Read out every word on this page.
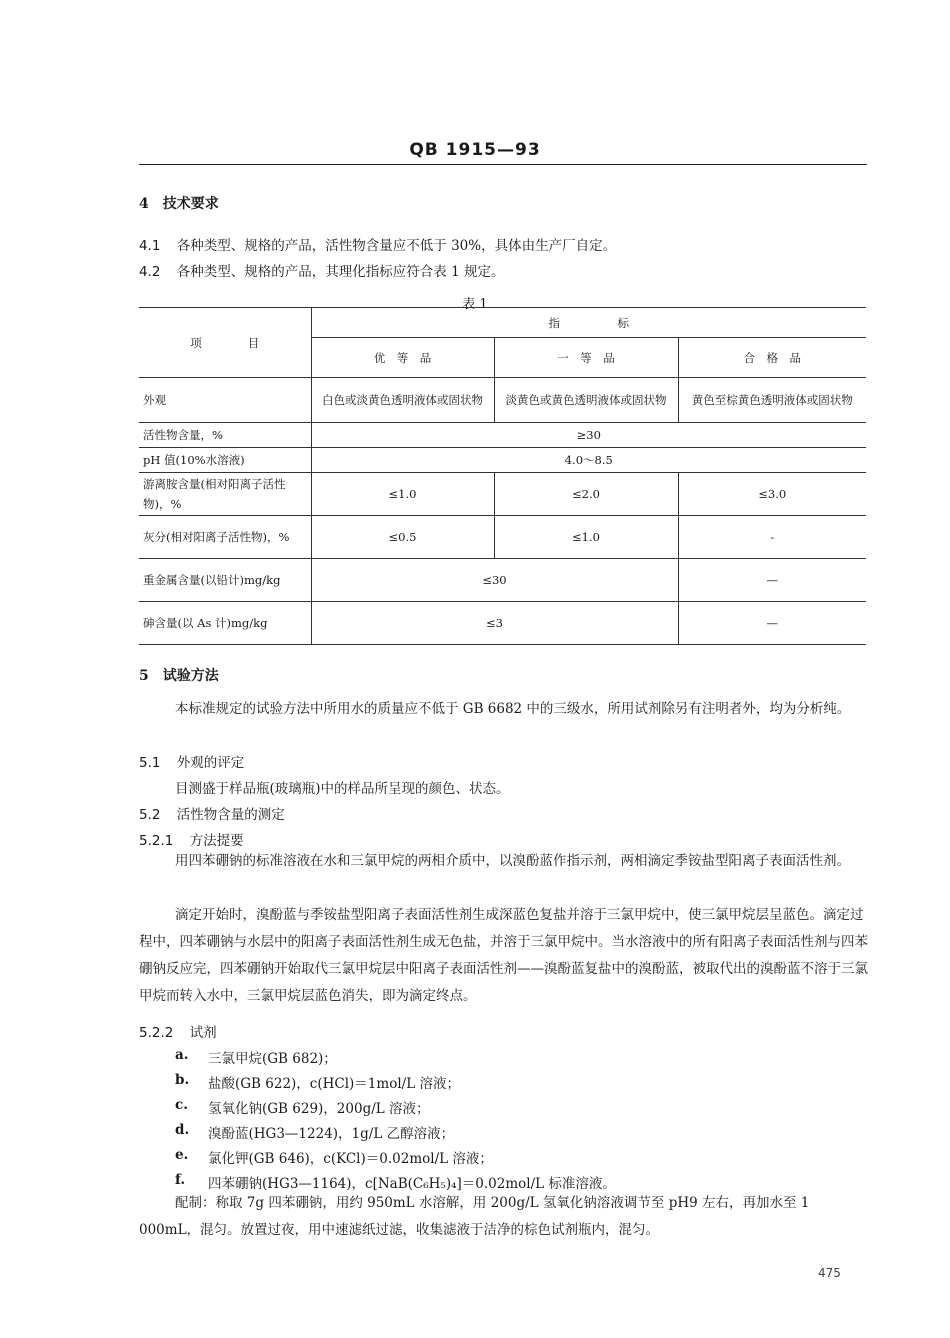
QB 1915—93
4　技术要求
4.1 各种类型、规格的产品，活性物含量应不低于 30%，具体由生产厂自定。
4.2 各种类型、规格的产品，其理化指标应符合表 1 规定。
表 1
项　　　　目	指　　　　　标		
	优　等　品	一　等　品	合　格　品
外观	白色或淡黄色透明液体或固状物	淡黄色或黄色透明液体或固状物	黄色至棕黄色透明液体或固状物
活性物含量，%	≥30		
pH 值(10%水溶液)	4.0～8.5		
游离胺含量(相对阳离子活性物)，%	≤1.0	≤2.0	≤3.0
灰分(相对阳离子活性物)，%	≤0.5	≤1.0	-
重金属含量(以铅计)mg/kg	≤30		—
砷含量(以 As 计)mg/kg	≤3		—
5　试验方法
本标准规定的试验方法中所用水的质量应不低于 GB 6682 中的三级水，所用试剂除另有注明者外，均为分析纯。
5.1 外观的评定
目测盛于样品瓶(玻璃瓶)中的样品所呈现的颜色、状态。
5.2 活性物含量的测定
5.2.1 方法提要
用四苯硼钠的标准溶液在水和三氯甲烷的两相介质中，以溴酚蓝作指示剂，两相滴定季铵盐型阳离子表面活性剂。
滴定开始时，溴酚蓝与季铵盐型阳离子表面活性剂生成深蓝色复盐并溶于三氯甲烷中，使三氯甲烷层呈蓝色。滴定过程中，四苯硼钠与水层中的阳离子表面活性剂生成无色盐，并溶于三氯甲烷中。当水溶液中的所有阳离子表面活性剂与四苯硼钠反应完，四苯硼钠开始取代三氯甲烷层中阳离子表面活性剂——溴酚蓝复盐中的溴酚蓝，被取代出的溴酚蓝不溶于三氯甲烷而转入水中，三氯甲烷层蓝色消失，即为滴定终点。
5.2.2 试剂
a. 三氯甲烷(GB 682)；
b. 盐酸(GB 622)，c(HCl)＝1mol/L 溶液；
c. 氢氧化钠(GB 629)，200g/L 溶液；
d. 溴酚蓝(HG3—1224)，1g/L 乙醇溶液；
e. 氯化钾(GB 646)，c(KCl)＝0.02mol/L 溶液；
f. 四苯硼钠(HG3—1164)，c[NaB(C₆H₅)₄]＝0.02mol/L 标准溶液。
配制：称取 7g 四苯硼钠，用约 950mL 水溶解，用 200g/L 氢氧化钠溶液调节至 pH9 左右，再加水至 1 000mL，混匀。放置过夜，用中速滤纸过滤，收集滤液于洁净的棕色试剂瓶内，混匀。
475
